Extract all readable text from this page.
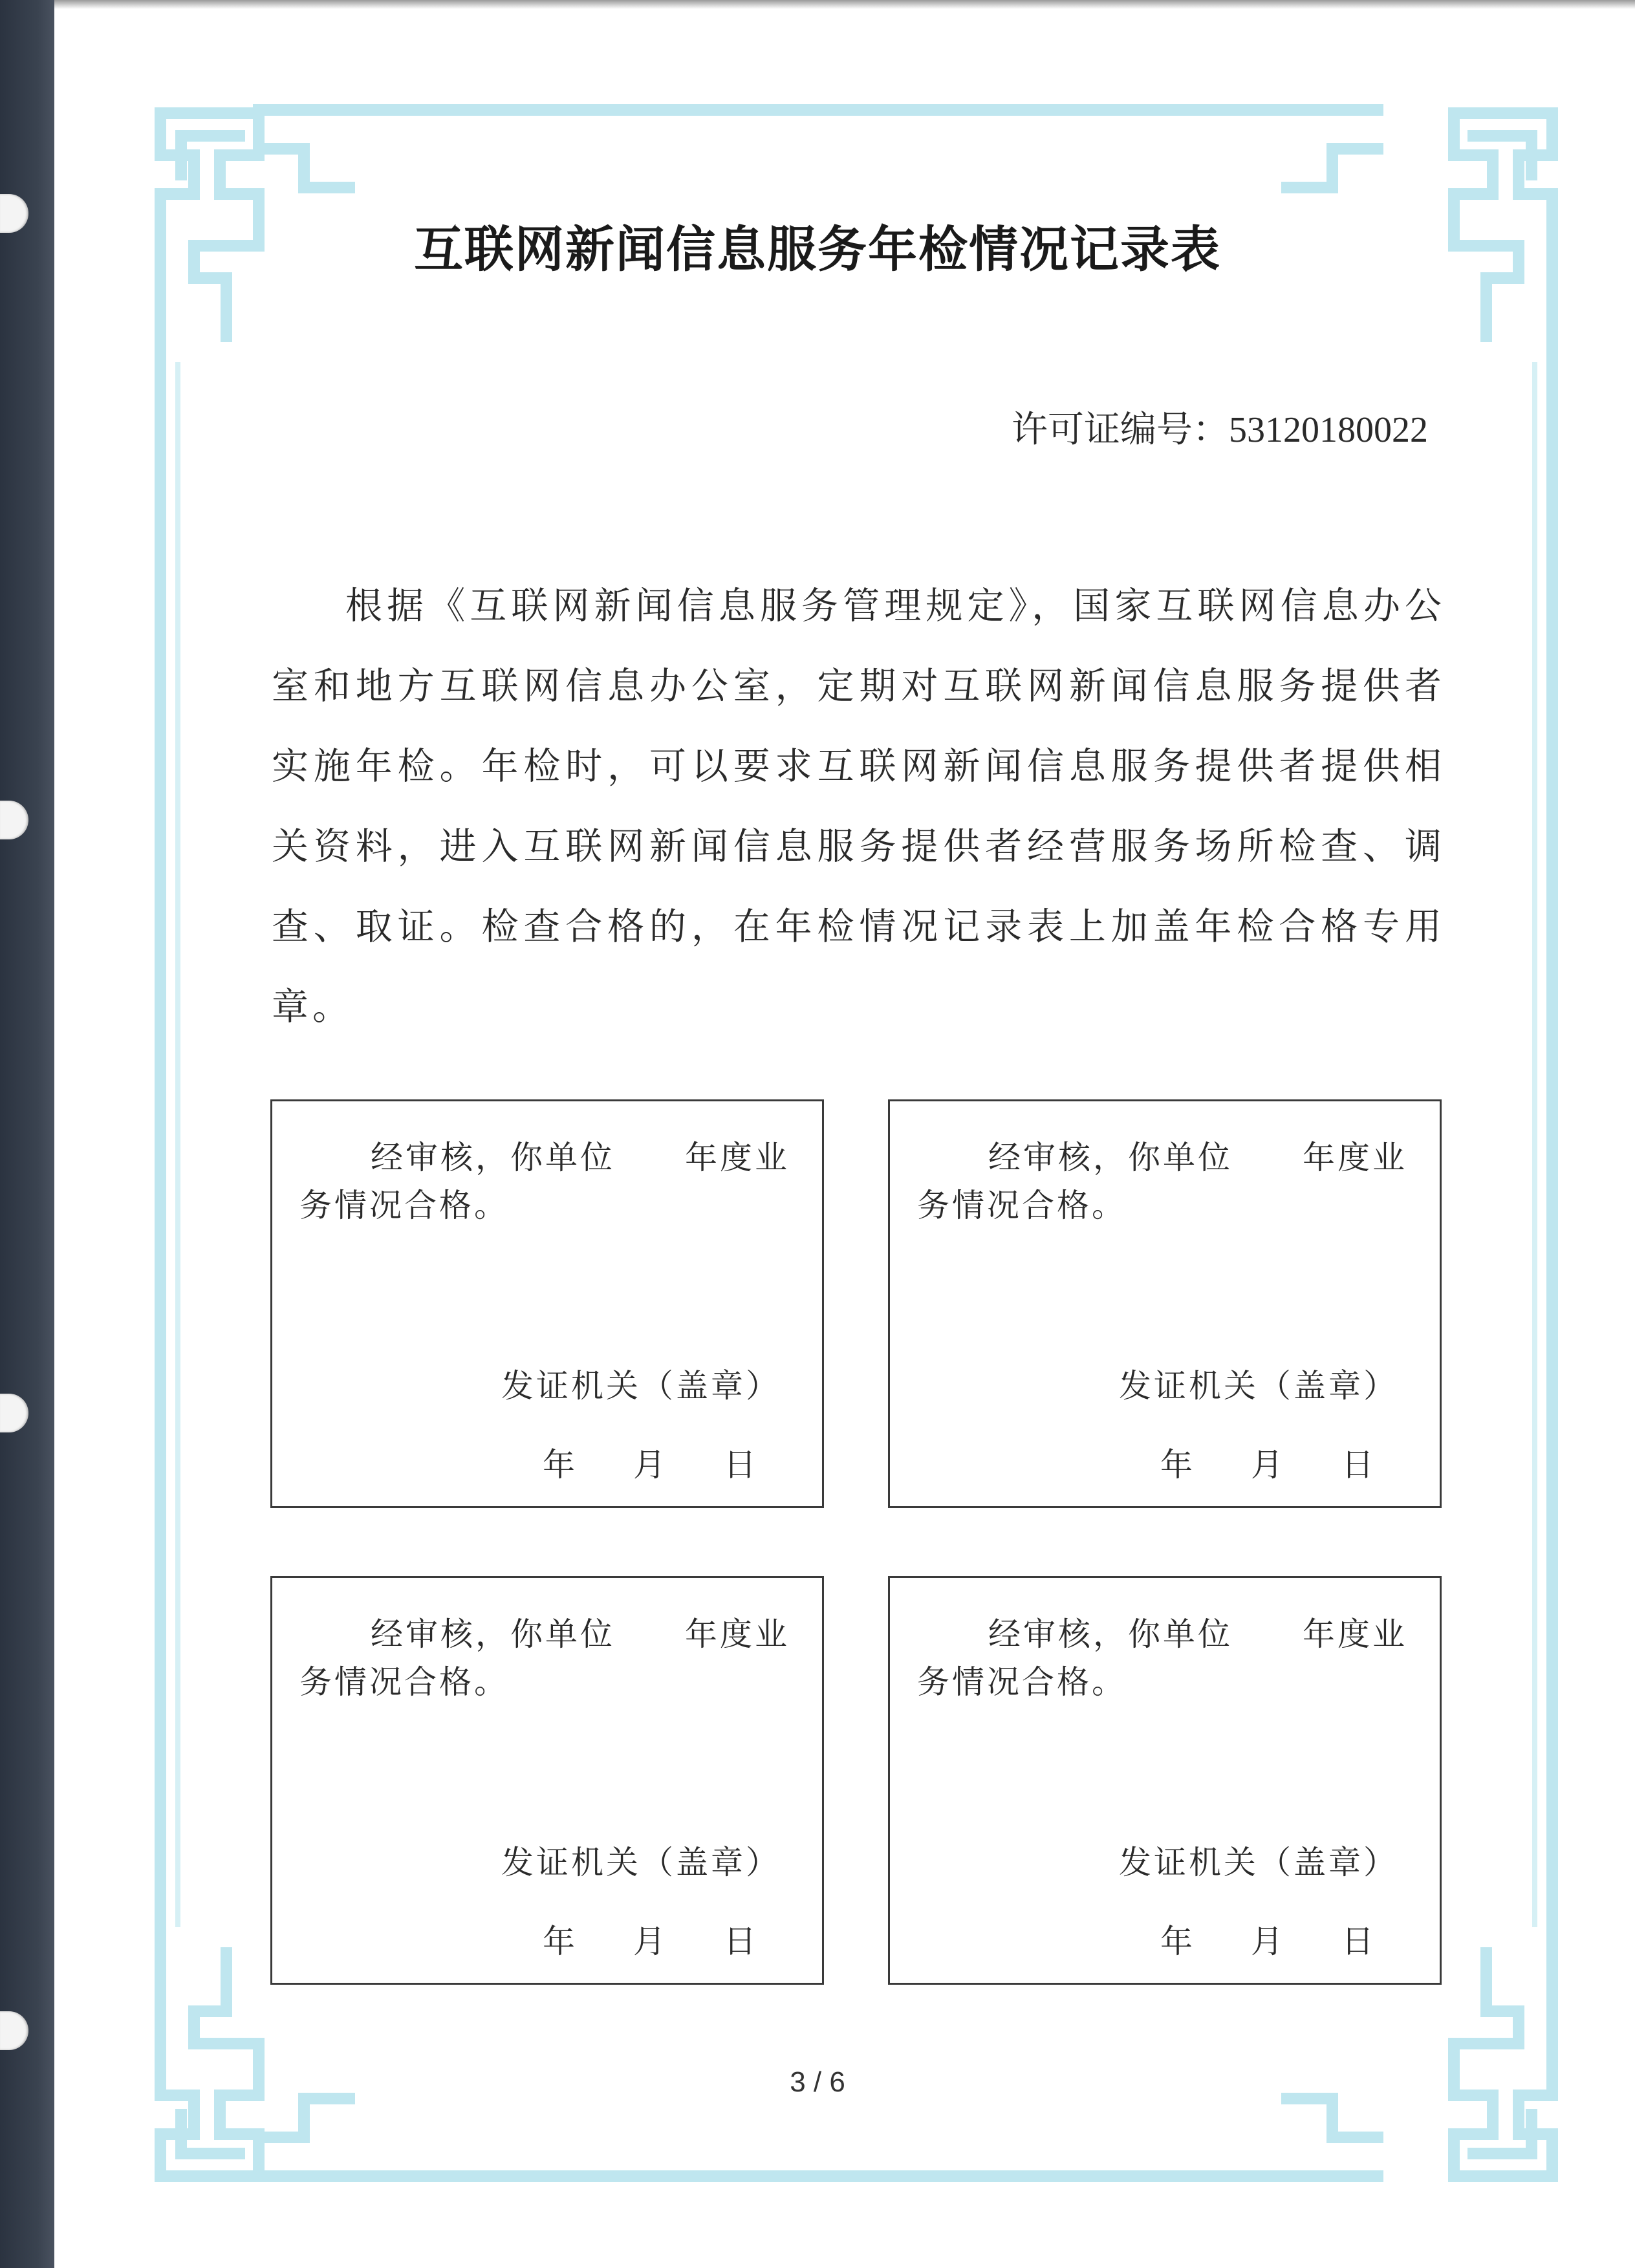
互联网新闻信息服务年检情况记录表
许可证编号：53120180022

根据《互联网新闻信息服务管理规定》，国家互联网信息办公室和地方互联网信息办公室，定期对互联网新闻信息服务提供者实施年检。年检时，可以要求互联网新闻信息服务提供者提供相关资料，进入互联网新闻信息服务提供者经营服务场所检查、调查、取证。检查合格的，在年检情况记录表上加盖年检合格专用章。

经审核，你单位　　年度业务情况合格。

发证机关（盖章）
年 月 日

经审核，你单位　　年度业务情况合格。

发证机关（盖章）
年 月 日

经审核，你单位　　年度业务情况合格。

发证机关（盖章）
年 月 日

经审核，你单位　　年度业务情况合格。

发证机关（盖章）
年 月 日
3 / 6
